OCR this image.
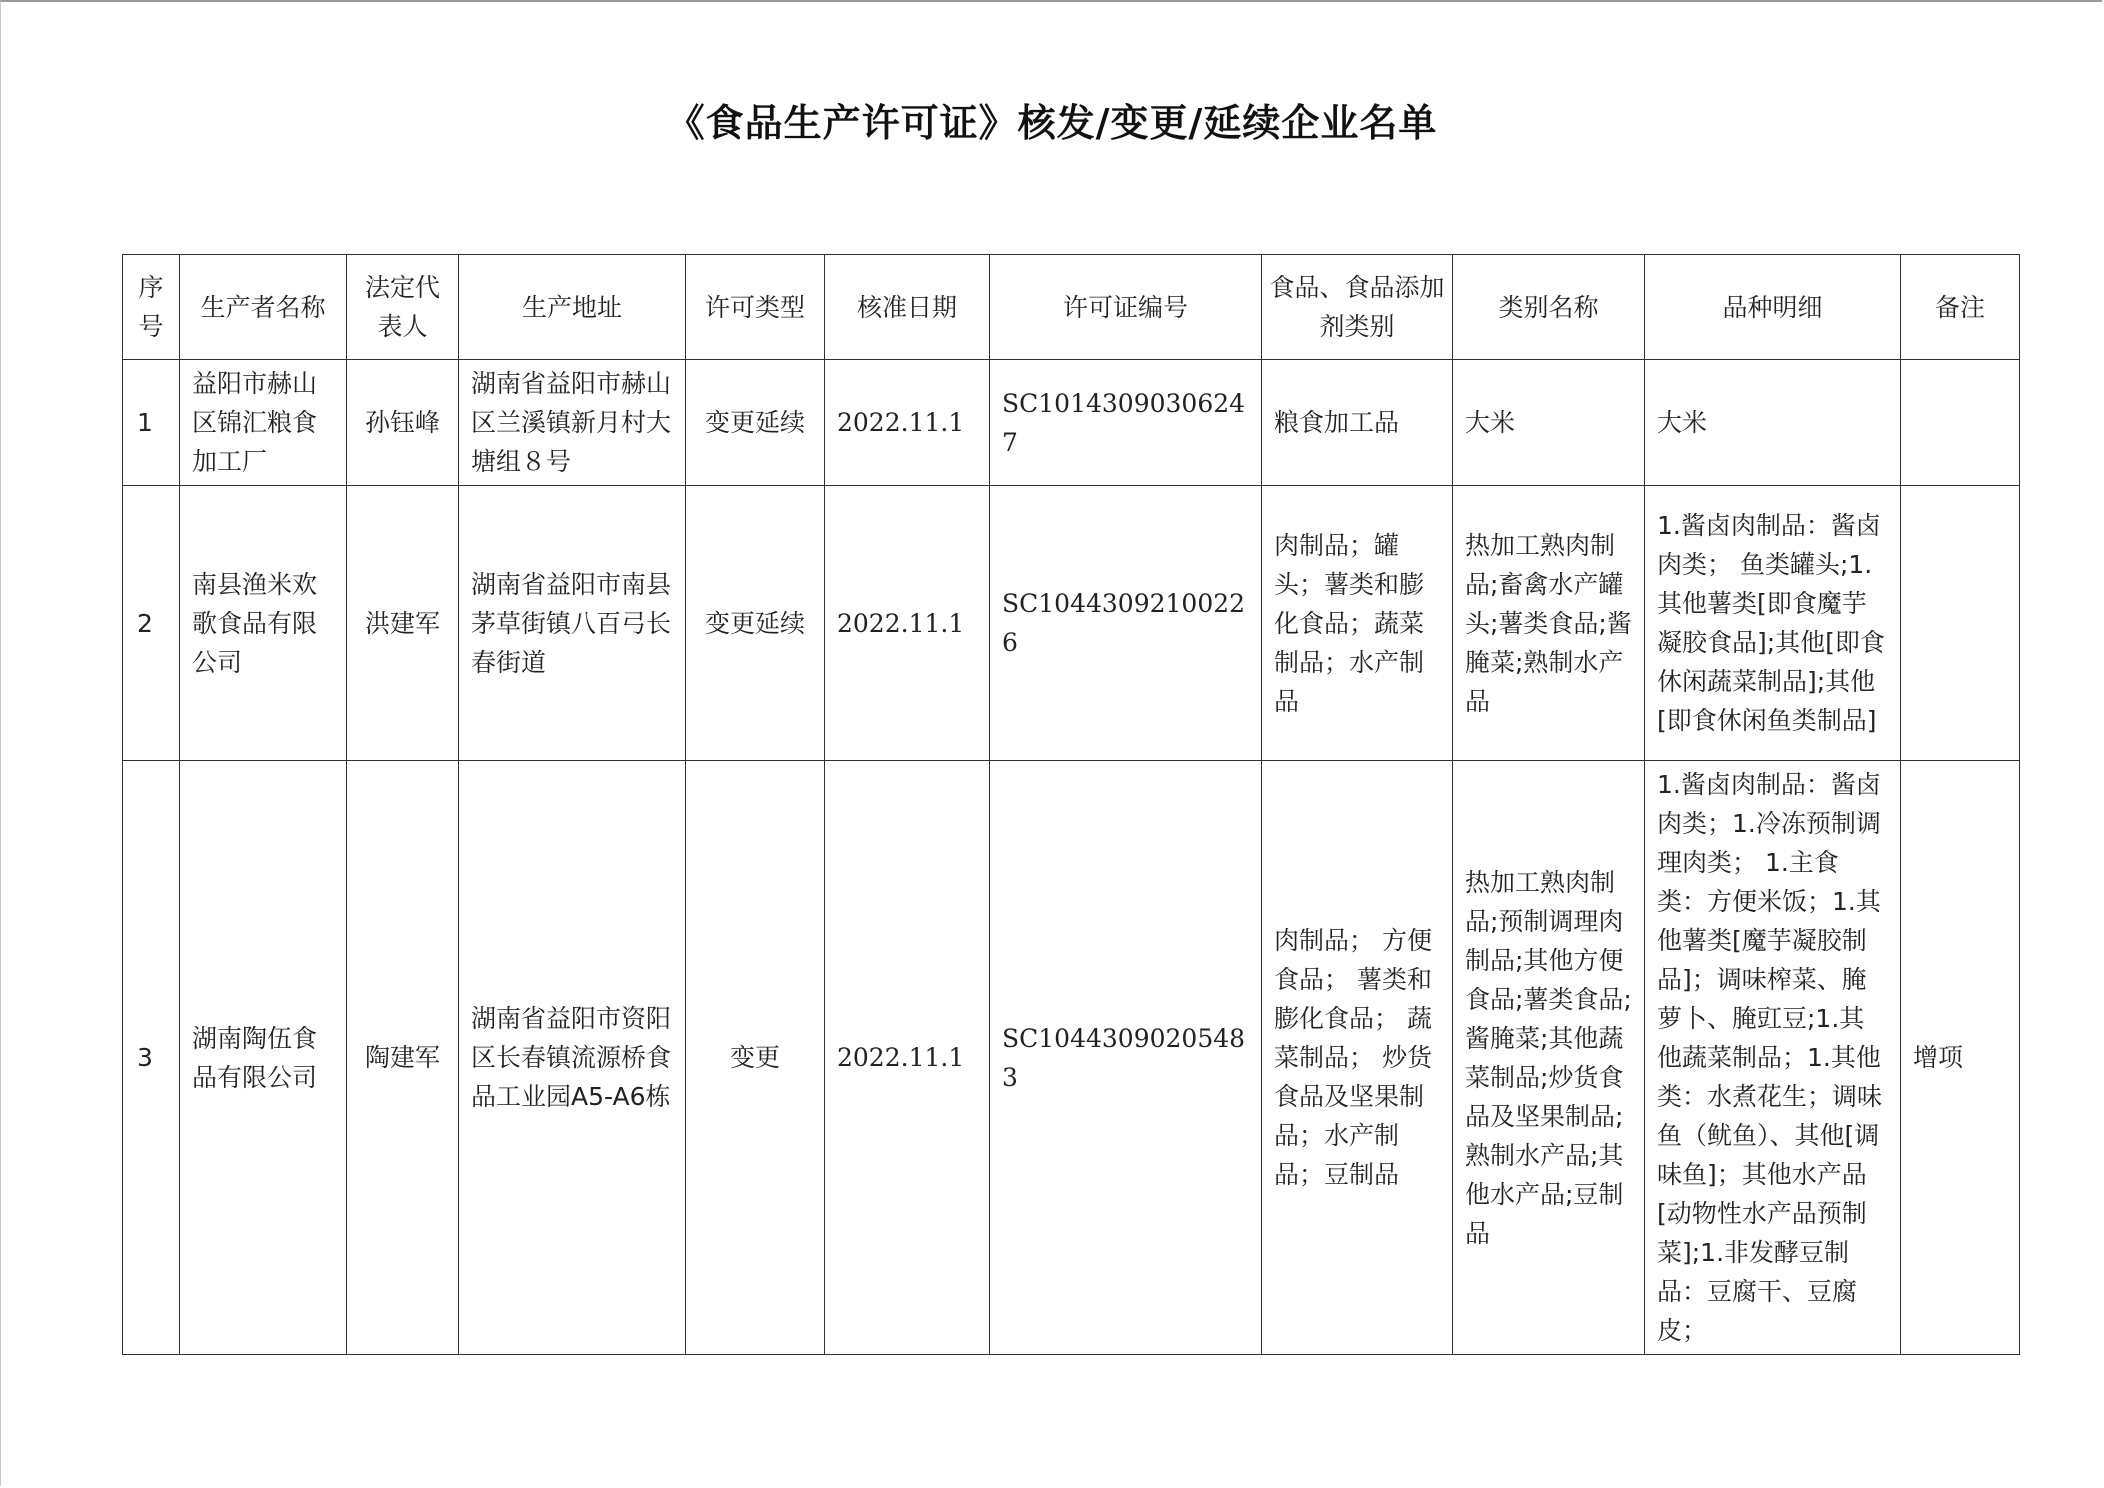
《食品生产许可证》核发/变更/延续企业名单
序号	生产者名称	法定代表人	生产地址	许可类型	核准日期	许可证编号	食品、食品添加剂类别	类别名称	品种明细	备注
1	益阳市赫山区锦汇粮食加工厂	孙钰峰	湖南省益阳市赫山区兰溪镇新月村大塘组８号	变更延续	2022.11.1	SC10143090306247	粮食加工品	大米	大米	
2	南县渔米欢歌食品有限公司	洪建军	湖南省益阳市南县茅草街镇八百弓长春街道	变更延续	2022.11.1	SC10443092100226	肉制品；罐头；薯类和膨化食品；蔬菜制品；水产制品	热加工熟肉制品;畜禽水产罐头;薯类食品;酱腌菜;熟制水产品	1.酱卤肉制品：酱卤肉类； 鱼类罐头;1.其他薯类[即食魔芋凝胶食品];其他[即食休闲蔬菜制品];其他[即食休闲鱼类制品]	
3	湖南陶伍食品有限公司	陶建军	湖南省益阳市资阳区长春镇流源桥食品工业园A5-A6栋	变更	2022.11.1	SC10443090205483	肉制品； 方便食品； 薯类和膨化食品； 蔬菜制品； 炒货食品及坚果制品；水产制品；豆制品	热加工熟肉制品;预制调理肉制品;其他方便食品;薯类食品;酱腌菜;其他蔬菜制品;炒货食品及坚果制品;熟制水产品;其他水产品;豆制品	1.酱卤肉制品：酱卤肉类；1.冷冻预制调理肉类； 1.主食类：方便米饭；1.其他薯类[魔芋凝胶制品]；调味榨菜、腌萝卜、腌豇豆;1.其他蔬菜制品；1.其他类：水煮花生；调味鱼（鱿鱼）、其他[调味鱼]；其他水产品[动物性水产品预制菜];1.非发酵豆制品：豆腐干、豆腐皮；	增项
